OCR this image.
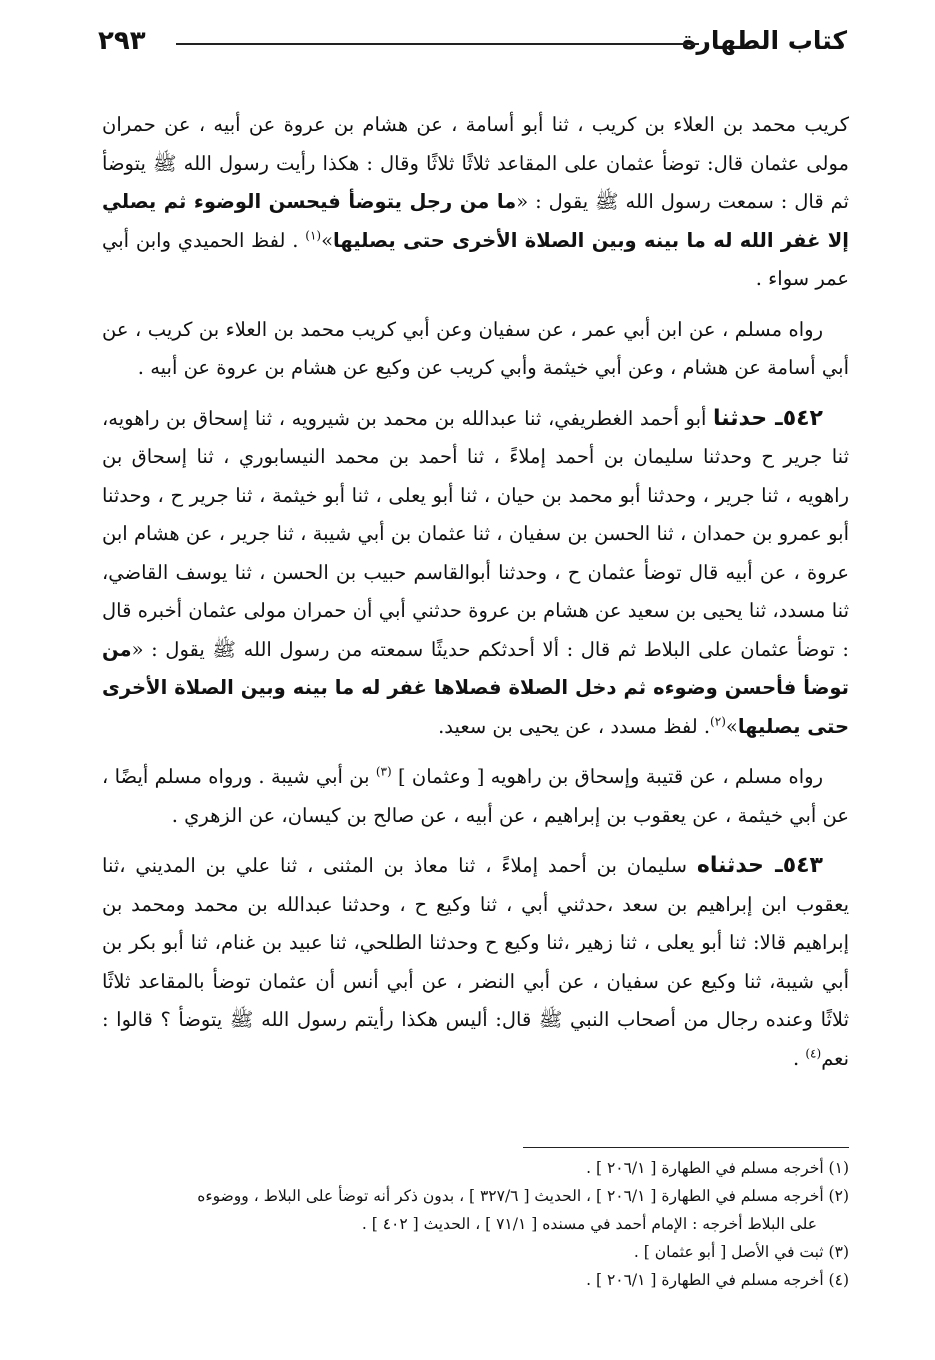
كتاب الطهارة
٢٩٣

كريب محمد بن العلاء بن كريب ، ثنا أبو أسامة ، عن هشام بن عروة عن أبيه ، عن حمران مولى عثمان قال: توضأ عثمان على المقاعد ثلاثًا ثلاثًا وقال : هكذا رأيت رسول الله ﷺ يتوضأ ثم قال : سمعت رسول الله ﷺ يقول : «ما من رجل يتوضأ فيحسن الوضوء ثم يصلي إلا غفر الله له ما بينه وبين الصلاة الأخرى حتى يصليها»$^{(١)}$ . لفظ الحميدي وابن أبي عمر سواء .

رواه مسلم ، عن ابن أبي عمر ، عن سفيان وعن أبي كريب محمد بن العلاء بن كريب ، عن أبي أسامة عن هشام ، وعن أبي خيثمة وأبي كريب عن وكيع عن هشام بن عروة عن أبيه .

٥٤٢ـ حدثنا أبو أحمد الغطريفي، ثنا عبدالله بن محمد بن شيرويه ، ثنا إسحاق بن راهويه، ثنا جرير ح وحدثنا سليمان بن أحمد إملاءً ، ثنا أحمد بن محمد النيسابوري ، ثنا إسحاق بن راهويه ، ثنا جرير ، وحدثنا أبو محمد بن حيان ، ثنا أبو يعلى ، ثنا أبو خيثمة ، ثنا جرير ح ، وحدثنا أبو عمرو بن حمدان ، ثنا الحسن بن سفيان ، ثنا عثمان بن أبي شيبة ، ثنا جرير ، عن هشام ابن عروة ، عن أبيه قال توضأ عثمان ح ، وحدثنا أبوالقاسم حبيب بن الحسن ، ثنا يوسف القاضي، ثنا مسدد، ثنا يحيى بن سعيد عن هشام بن عروة حدثني أبي أن حمران مولى عثمان أخبره قال : توضأ عثمان على البلاط ثم قال : ألا أحدثكم حديثًا سمعته من رسول الله ﷺ يقول : «من توضأ فأحسن وضوءه ثم دخل الصلاة فصلاها غفر له ما بينه وبين الصلاة الأخرى حتى يصليها»$^{(٢)}$. لفظ مسدد ، عن يحيى بن سعيد.

رواه مسلم ، عن قتيبة وإسحاق بن راهويه [ وعثمان ] $^{(٣)}$ بن أبي شيبة . ورواه مسلم أيضًا ، عن أبي خيثمة ، عن يعقوب بن إبراهيم ، عن أبيه ، عن صالح بن كيسان، عن الزهري .

٥٤٣ـ حدثناه سليمان بن أحمد إملاءً ، ثنا معاذ بن المثنى ، ثنا علي بن المديني ،ثنا يعقوب ابن إبراهيم بن سعد ،حدثني أبي ، ثنا وكيع ح ، وحدثنا عبدالله بن محمد ومحمد بن إبراهيم قالا: ثنا أبو يعلى ، ثنا زهير ،ثنا وكيع ح وحدثنا الطلحي، ثنا عبيد بن غنام، ثنا أبو بكر بن أبي شيبة، ثنا وكيع عن سفيان ، عن أبي النضر ، عن أبي أنس أن عثمان توضأ بالمقاعد ثلاثًا ثلاثًا وعنده رجال من أصحاب النبي ﷺ قال: أليس هكذا رأيتم رسول الله ﷺ يتوضأ ؟ قالوا : نعم$^{(٤)}$ .

(١) أخرجه مسلم في الطهارة [ ٢٠٦/١ ] .
(٢) أخرجه مسلم في الطهارة [ ٢٠٦/١ ] ، الحديث [ ٣٢٧/٦ ] ، بدون ذكر أنه توضأ على البلاط ، ووضوءه
على البلاط أخرجه : الإمام أحمد في مسنده [ ٧١/١ ] ، الحديث [ ٤٠٢ ] .
(٣) ثبت في الأصل [ أبو عثمان ] .
(٤) أخرجه مسلم في الطهارة [ ٢٠٦/١ ] .
